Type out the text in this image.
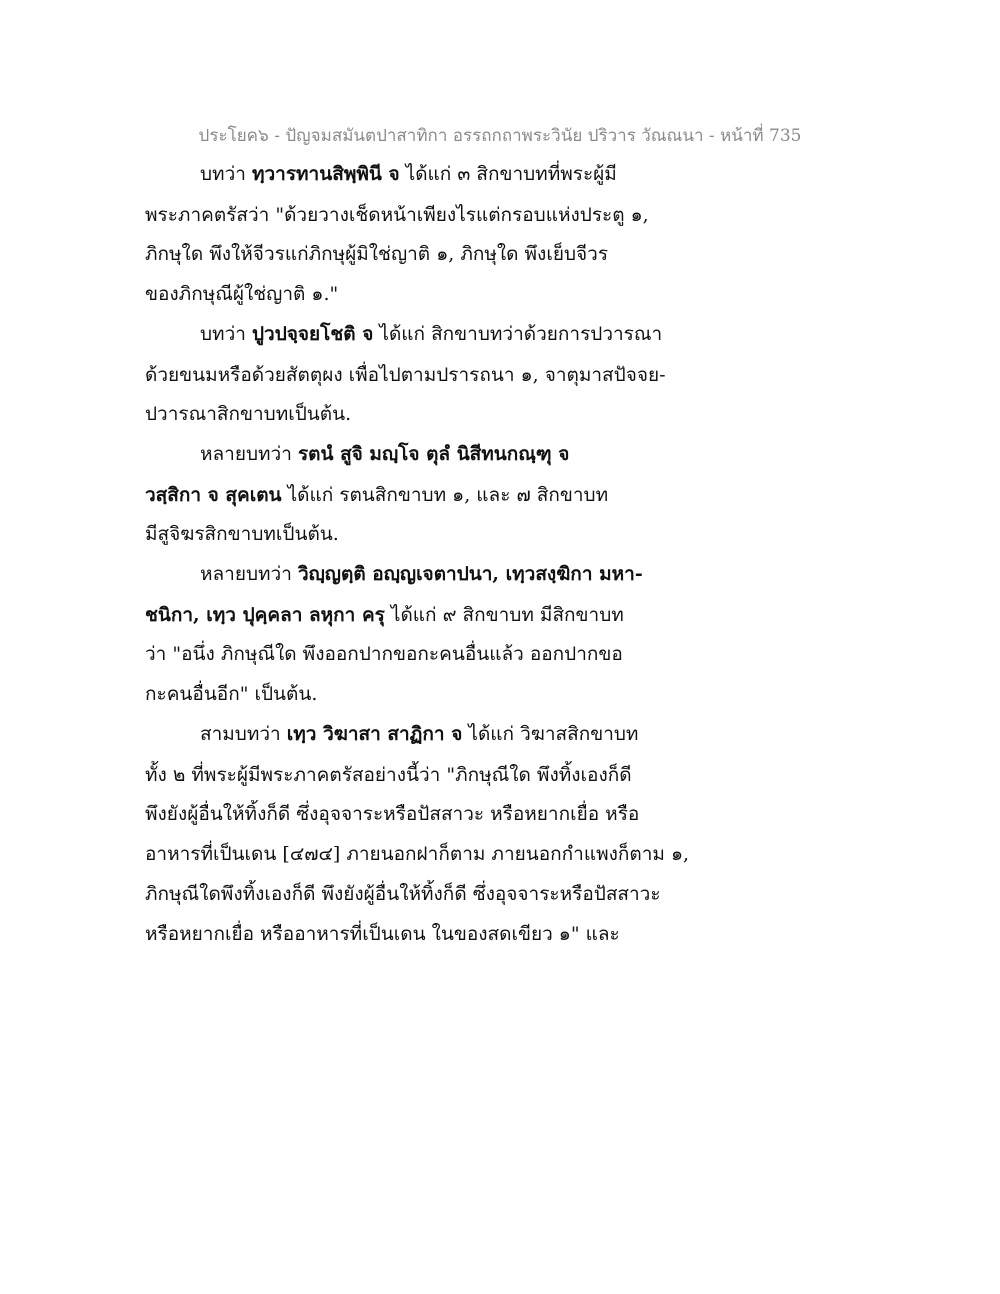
ประโยค๖ - ปัญจมสมันตปาสาทิกา อรรถกถาพระวินัย ปริวาร วัณณนา - หน้าที่ 735
บทว่า ทฺวารทานสิพฺพินี จ ได้แก่ ๓ สิกขาบทที่พระผู้มี
พระภาคตรัสว่า "ด้วยวางเช็ดหน้าเพียงไรแต่กรอบแห่งประตู ๑,
ภิกษุใด พึงให้จีวรแก่ภิกษุผู้มิใช่ญาติ ๑, ภิกษุใด พึงเย็บจีวร
ของภิกษุณีผู้ใช่ญาติ ๑."
บทว่า ปูวปจฺจยโชติ จ ได้แก่ สิกขาบทว่าด้วยการปวารณา
ด้วยขนมหรือด้วยสัตตุผง เพื่อไปตามปรารถนา ๑, จาตุมาสปัจจย-
ปวารณาสิกขาบทเป็นต้น.
หลายบทว่า รตนํ สูจิ มญฺโจ ตุลํ นิสีทนกณฺฑุ จ
วสฺสิกา จ สุคเตน ได้แก่ รตนสิกขาบท ๑, และ ๗ สิกขาบท
มีสูจิฆรสิกขาบทเป็นต้น.
หลายบทว่า วิญฺญตฺติ อญฺญเจตาปนา, เทฺวสงฺฆิกา มหา-
ชนิกา, เทฺว ปุคฺคลา ลหุกา ครุ ได้แก่ ๙ สิกขาบท มีสิกขาบท
ว่า "อนึ่ง ภิกษุณีใด พึงออกปากขอกะคนอื่นแล้ว ออกปากขอ
กะคนอื่นอีก" เป็นต้น.
สามบทว่า เทฺว วิฆาสา สาฏิกา จ ได้แก่ วิฆาสสิกขาบท
ทั้ง ๒ ที่พระผู้มีพระภาคตรัสอย่างนี้ว่า "ภิกษุณีใด พึงทิ้งเองก็ดี
พึงยังผู้อื่นให้ทิ้งก็ดี ซึ่งอุจจาระหรือปัสสาวะ หรือหยากเยื่อ หรือ
อาหารที่เป็นเดน [๔๗๔] ภายนอกฝาก็ตาม ภายนอกกำแพงก็ตาม ๑,
ภิกษุณีใดพึงทิ้งเองก็ดี พึงยังผู้อื่นให้ทิ้งก็ดี ซึ่งอุจจาระหรือปัสสาวะ
หรือหยากเยื่อ หรืออาหารที่เป็นเดน ในของสดเขียว ๑" และ
